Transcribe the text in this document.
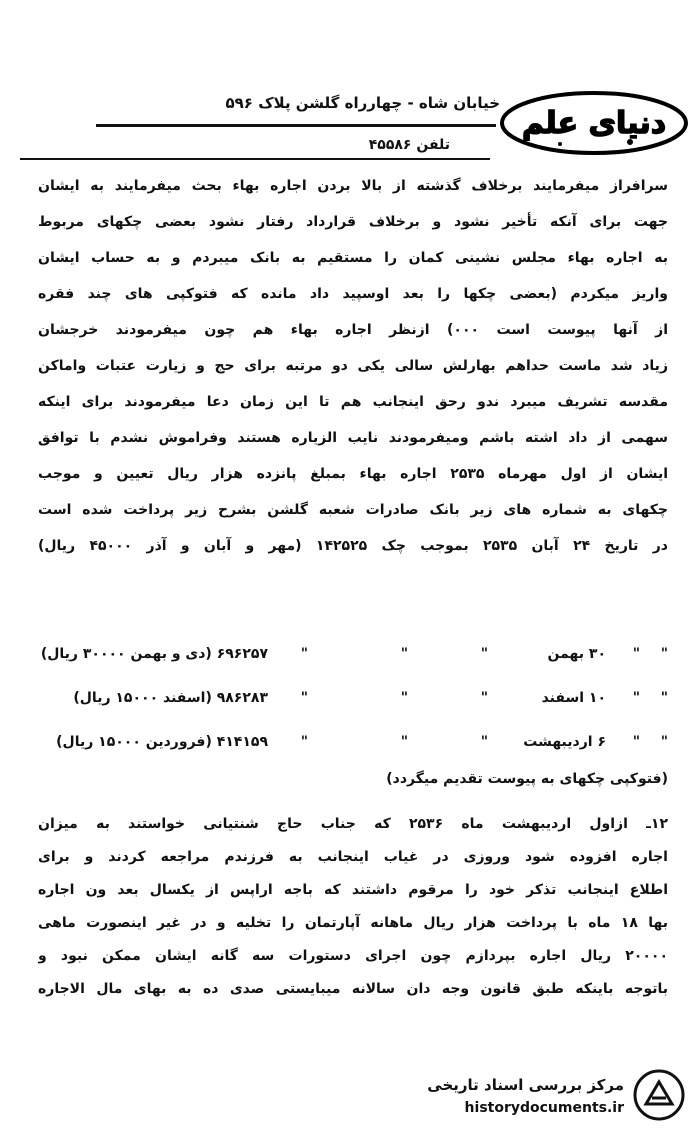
خیابان شاه - چهارراه گلشن پلاک ۵۹۶
تلفن ۴۵۵۸۶
دنیای علم
سرافراز میفرمایند برخلاف گذشته از بالا بردن اجاره بهاء بحث میفرمایند به ایشان
جهت برای آنکه تأخیر نشود و برخلاف قرارداد رفتار نشود بعضی چکهای مربوط
به اجاره بهاء مجلس نشینی کمان را مستقیم به بانک میبردم و به حساب ایشان
واریز میکردم (بعضی چکها را بعد اوسپید داد مانده که فتوکپی های چند فقره
از آنها پیوست است ۰۰۰) ازنظر اجاره بهاء هم چون میفرمودند خرجشان
زیاد شد ماست حداهم بهارلش سالی یکی دو مرتبه برای حج و زیارت عتبات واماکن
مقدسه تشریف میبرد ندو رحق اینجانب هم تا این زمان دعا میفرمودند برای اینکه
سهمی از داد اشته باشم ومیفرمودند نایب الزیاره هستند وفراموش نشدم با توافق
ایشان از اول مهرماه ۲۵۳۵ اجاره بهاء بمبلغ پانزده هزار ریال تعیین و موجب
چکهای به شماره های زیر بانک صادرات شعبه گلشن بشرح زیر پرداخت شده است
در تاریخ ۲۴ آبان ۲۵۳۵ بموجب چک ۱۴۲۵۲۵ (مهر و آبان و آذر ۴۵۰۰۰ ریال)
"
"
۳۰ بهمن
"
"
"
۶۹۶۲۵۷ (دی و بهمن ۳۰۰۰۰ ریال)
"
"
۱۰ اسفند
"
"
"
۹۸۶۲۸۳ (اسفند ۱۵۰۰۰ ریال)
"
"
۶ اردیبهشت
"
"
"
۴۱۴۱۵۹ (فروردین ۱۵۰۰۰ ریال)
(فتوکپی چکهای به پیوست تقدیم میگردد)
۱۲ـ ازاول اردیبهشت ماه ۲۵۳۶ که جناب حاج شنتیانی خواستند به میزان
اجاره افزوده شود وروزی در غیاب اینجانب به فرزندم مراجعه کردند و برای
اطلاع اینجانب تذکر خود را مرقوم داشتند که باجه اراپس از یکسال بعد ون اجاره
بها ۱۸ ماه با پرداخت هزار ریال ماهانه آپارتمان را تخلیه و در غیر اینصورت ماهی
۲۰۰۰۰ ریال اجاره بپردازم چون اجرای دستورات سه گانه ایشان ممکن نبود و
باتوجه باینکه طبق قانون وجه دان سالانه میبایستی صدی ده به بهای مال الاجاره
مرکز بررسی اسناد تاریخی
historydocuments.ir
